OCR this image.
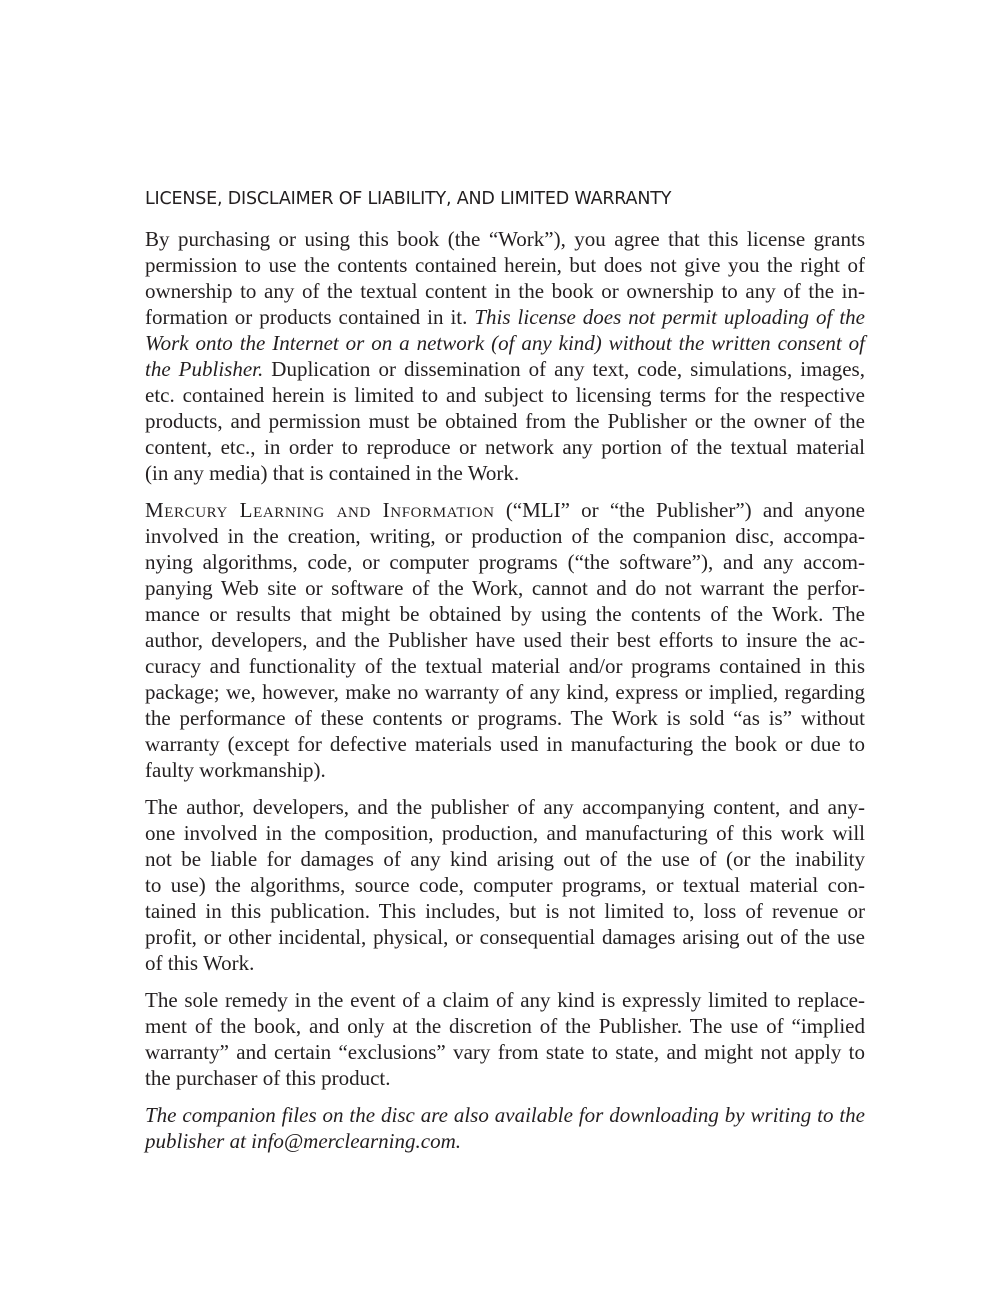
LICENSE, DISCLAIMER OF LIABILITY, AND LIMITED WARRANTY
By purchasing or using this book (the “Work”), you agree that this license grants
permission to use the contents contained herein, but does not give you the right of
ownership to any of the textual content in the book or ownership to any of the in-
formation or products contained in it. This license does not permit uploading of the
Work onto the Internet or on a network (of any kind) without the written consent of
the Publisher. Duplication or dissemination of any text, code, simulations, images,
etc. contained herein is limited to and subject to licensing terms for the respective
products, and permission must be obtained from the Publisher or the owner of the
content, etc., in order to reproduce or network any portion of the textual material
(in any media) that is contained in the Work.
Mercury Learning and Information (“MLI” or “the Publisher”) and anyone
involved in the creation, writing, or production of the companion disc, accompa-
nying algorithms, code, or computer programs (“the software”), and any accom-
panying Web site or software of the Work, cannot and do not warrant the perfor-
mance or results that might be obtained by using the contents of the Work. The
author, developers, and the Publisher have used their best efforts to insure the ac-
curacy and functionality of the textual material and/or programs contained in this
package; we, however, make no warranty of any kind, express or implied, regarding
the performance of these contents or programs. The Work is sold “as is” without
warranty (except for defective materials used in manufacturing the book or due to
faulty workmanship).
The author, developers, and the publisher of any accompanying content, and any-
one involved in the composition, production, and manufacturing of this work will
not be liable for damages of any kind arising out of the use of (or the inability
to use) the algorithms, source code, computer programs, or textual material con-
tained in this publication. This includes, but is not limited to, loss of revenue or
profit, or other incidental, physical, or consequential damages arising out of the use
of this Work.
The sole remedy in the event of a claim of any kind is expressly limited to replace-
ment of the book, and only at the discretion of the Publisher. The use of “implied
warranty” and certain “exclusions” vary from state to state, and might not apply to
the purchaser of this product.
The companion files on the disc are also available for downloading by writing to the
publisher at info@merclearning.com.
